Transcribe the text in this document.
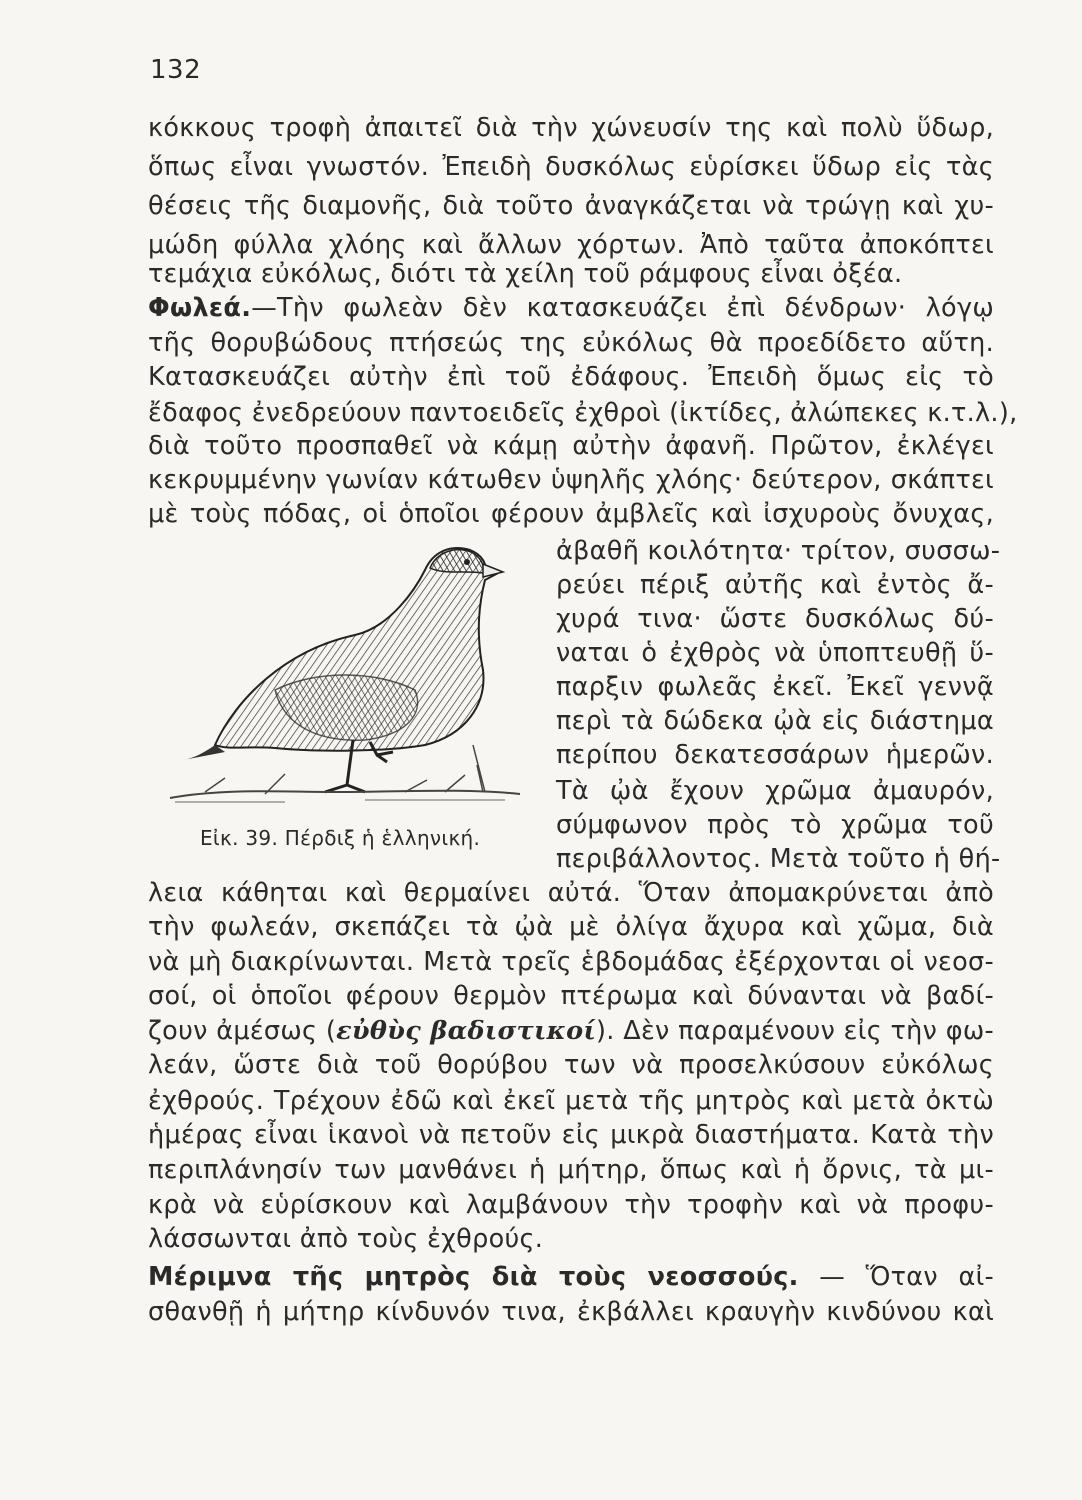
132
κόκκους τροφὴ ἀπαιτεῖ διὰ τὴν χώνευσίν της καὶ πολὺ ὕδωρ,
ὅπως εἶναι γνωστόν. Ἐπειδὴ δυσκόλως εὑρίσκει ὕδωρ εἰς τὰς
θέσεις τῆς διαμονῆς, διὰ τοῦτο ἀναγκάζεται νὰ τρώγῃ καὶ χυ-
μώδη φύλλα χλόης καὶ ἄλλων χόρτων. Ἀπὸ ταῦτα ἀποκόπτει
τεμάχια εὐκόλως, διότι τὰ χείλη τοῦ ράμφους εἶναι ὀξέα.
Φωλεά.—Τὴν φωλεὰν δὲν κατασκευάζει ἐπὶ δένδρων· λόγῳ
τῆς θορυβώδους πτήσεώς της εὐκόλως θὰ προεδίδετο αὕτη.
Κατασκευάζει αὐτὴν ἐπὶ τοῦ ἐδάφους. Ἐπειδὴ ὅμως εἰς τὸ
ἔδαφος ἐνεδρεύουν παντοειδεῖς ἐχθροὶ (ἰκτίδες, ἀλώπεκες κ.τ.λ.),
διὰ τοῦτο προσπαθεῖ νὰ κάμῃ αὐτὴν ἀφανῆ. Πρῶτον, ἐκλέγει
κεκρυμμένην γωνίαν κάτωθεν ὑψηλῆς χλόης· δεύτερον, σκάπτει
μὲ τοὺς πόδας, οἱ ὁποῖοι φέρουν ἀμβλεῖς καὶ ἰσχυροὺς ὄνυχας,
ἀβαθῆ κοιλότητα· τρίτον, συσσω-
ρεύει πέριξ αὐτῆς καὶ ἐντὸς ἄ-
χυρά τινα· ὥστε δυσκόλως δύ-
ναται ὁ ἐχθρὸς νὰ ὑποπτευθῇ ὕ-
παρξιν φωλεᾶς ἐκεῖ. Ἐκεῖ γεννᾷ
περὶ τὰ δώδεκα ᾠὰ εἰς διάστημα
περίπου δεκατεσσάρων ἡμερῶν.
Τὰ ᾠὰ ἔχουν χρῶμα ἀμαυρόν,
σύμφωνον πρὸς τὸ χρῶμα τοῦ
περιβάλλοντος. Μετὰ τοῦτο ἡ θή-
Εἰκ. 39. Πέρδιξ ἡ ἑλληνική.
λεια κάθηται καὶ θερμαίνει αὐτά. Ὅταν ἀπομακρύνεται ἀπὸ
τὴν φωλεάν, σκεπάζει τὰ ᾠὰ μὲ ὀλίγα ἄχυρα καὶ χῶμα, διὰ
νὰ μὴ διακρίνωνται. Μετὰ τρεῖς ἑβδομάδας ἐξέρχονται οἱ νεοσ-
σοί, οἱ ὁποῖοι φέρουν θερμὸν πτέρωμα καὶ δύνανται νὰ βαδί-
ζουν ἀμέσως (εὐθὺς βαδιστικοί). Δὲν παραμένουν εἰς τὴν φω-
λεάν, ὥστε διὰ τοῦ θορύβου των νὰ προσελκύσουν εὐκόλως
ἐχθρούς. Τρέχουν ἐδῶ καὶ ἐκεῖ μετὰ τῆς μητρὸς καὶ μετὰ ὀκτὼ
ἡμέρας εἶναι ἱκανοὶ νὰ πετοῦν εἰς μικρὰ διαστήματα. Κατὰ τὴν
περιπλάνησίν των μανθάνει ἡ μήτηρ, ὅπως καὶ ἡ ὄρνις, τὰ μι-
κρὰ νὰ εὑρίσκουν καὶ λαμβάνουν τὴν τροφὴν καὶ νὰ προφυ-
λάσσωνται ἀπὸ τοὺς ἐχθρούς.
Μέριμνα τῆς μητρὸς διὰ τοὺς νεοσσούς. — Ὅταν αἰ-
σθανθῇ ἡ μήτηρ κίνδυνόν τινα, ἐκβάλλει κραυγὴν κινδύνου καὶ
